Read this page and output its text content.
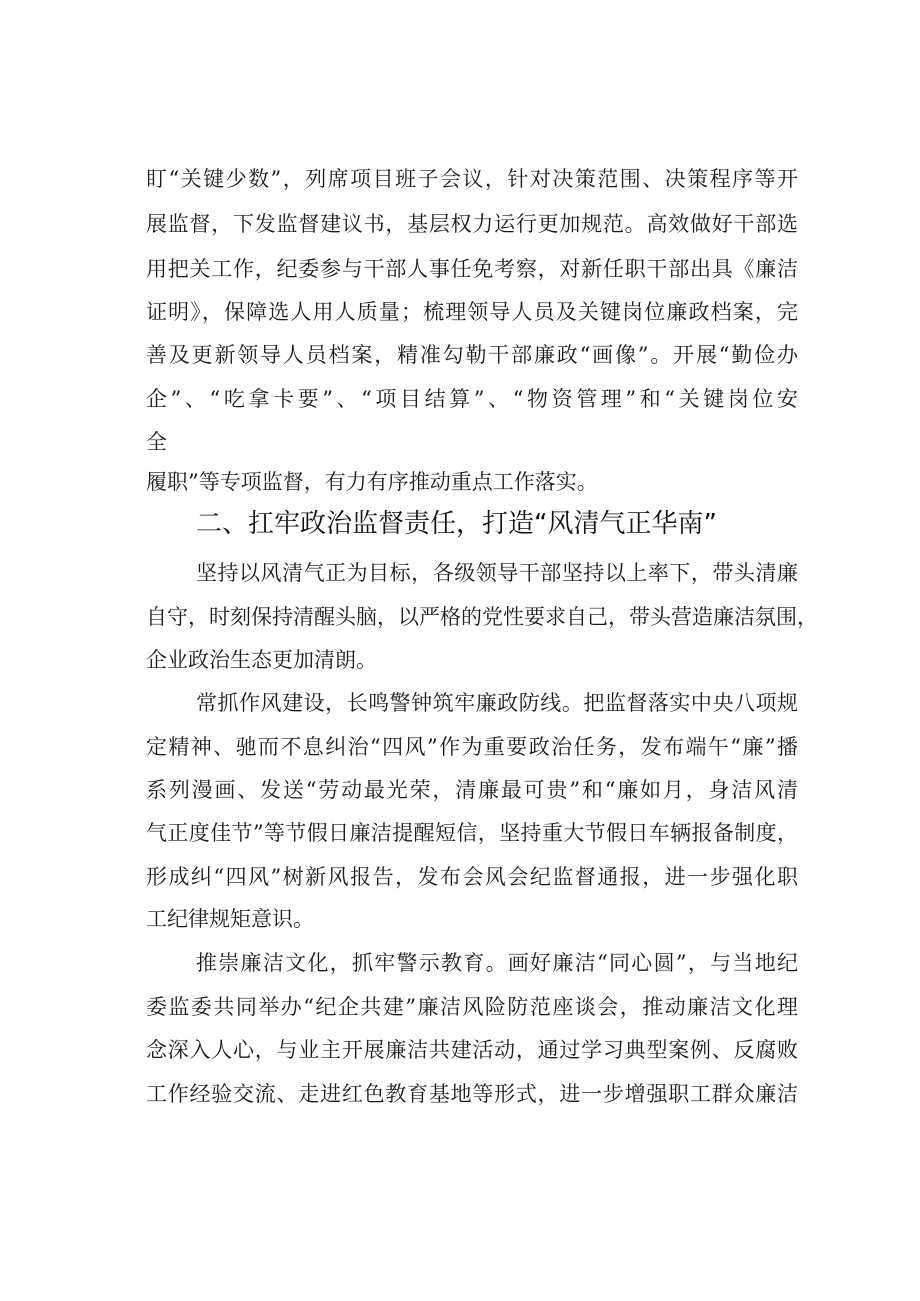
盯“关键少数”，列席项目班子会议，针对决策范围、决策程序等开
展监督，下发监督建议书，基层权力运行更加规范。高效做好干部选
用把关工作，纪委参与干部人事任免考察，对新任职干部出具《廉洁
证明》，保障选人用人质量；梳理领导人员及关键岗位廉政档案，完
善及更新领导人员档案，精准勾勒干部廉政“画像”。开展“勤俭办
企”、“吃拿卡要”、“项目结算”、“物资管理”和“关键岗位安
全
履职”等专项监督，有力有序推动重点工作落实。
二、扛牢政治监督责任，打造“风清气正华南”
坚持以风清气正为目标，各级领导干部坚持以上率下，带头清廉
自守，时刻保持清醒头脑，以严格的党性要求自己，带头营造廉洁氛围，
企业政治生态更加清朗。
常抓作风建设，长鸣警钟筑牢廉政防线。把监督落实中央八项规
定精神、驰而不息纠治“四风”作为重要政治任务，发布端午“廉”播
系列漫画、发送“劳动最光荣，清廉最可贵”和“廉如月，身洁风清
气正度佳节”等节假日廉洁提醒短信，坚持重大节假日车辆报备制度，
形成纠“四风”树新风报告，发布会风会纪监督通报，进一步强化职
工纪律规矩意识。
推崇廉洁文化，抓牢警示教育。画好廉洁“同心圆”，与当地纪
委监委共同举办“纪企共建”廉洁风险防范座谈会，推动廉洁文化理
念深入人心，与业主开展廉洁共建活动，通过学习典型案例、反腐败
工作经验交流、走进红色教育基地等形式，进一步增强职工群众廉洁
